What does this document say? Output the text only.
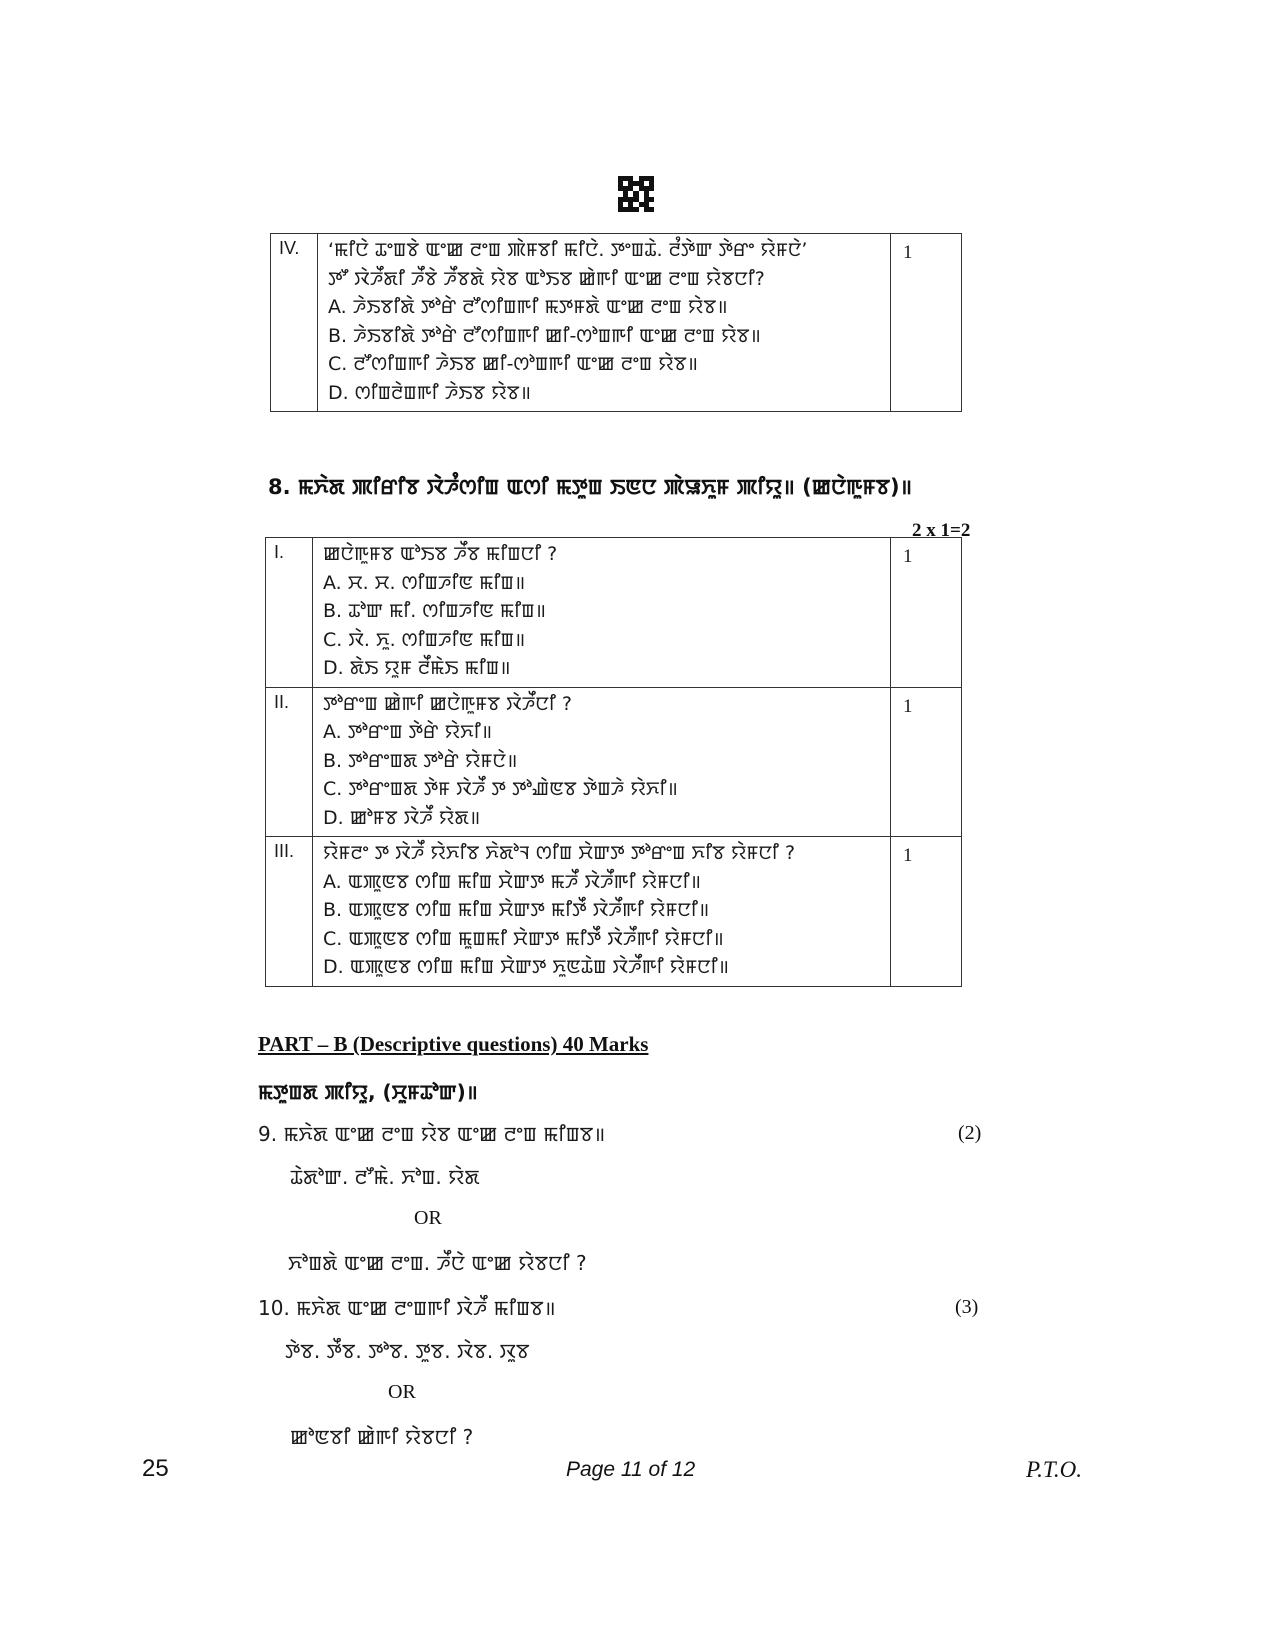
IV.	‘ꯃꯤꯅꯥ ꯊꯦꯡꯕꯥ ꯑꯦꯀ ꯂꯦꯡ ꯄꯥꯝꯕꯤ ꯃꯤꯅꯥ. ꯇꯦꯡꯊꯥ. ꯂꯪꯇꯥꯛ ꯇꯥꯔꯦ ꯌꯥꯝꯅꯥ’
ꯇꯧ ꯋꯥꯍꯩꯗꯤ ꯍꯩꯕꯥ ꯍꯩꯕꯗꯥ ꯌꯥꯕ ꯑꯣꯏꯕ ꯀꯥꯒꯤ ꯑꯦꯀ ꯂꯦꯡ ꯌꯥꯕꯅꯤ?
A. ꯍꯥꯏꯕꯤꯗꯥ ꯇꯣꯔꯥ ꯂꯧꯁꯤꯡꯒꯤ ꯃꯇꯝꯗꯥ ꯑꯦꯀ ꯂꯦꯡ ꯌꯥꯕ॥
B. ꯍꯥꯏꯕꯤꯗꯥ ꯇꯣꯔꯥ ꯂꯧꯁꯤꯡꯒꯤ ꯀꯤ-ꯁꯣꯡꯒꯤ ꯑꯦꯀ ꯂꯦꯡ ꯌꯥꯕ॥
C. ꯂꯧꯁꯤꯡꯒꯤ ꯍꯥꯏꯕ ꯀꯤ-ꯁꯣꯡꯒꯤ ꯑꯦꯀ ꯂꯦꯡ ꯌꯥꯕ॥
D. ꯁꯤꯡꯂꯥꯡꯒꯤ ꯍꯥꯏꯕ ꯌꯥꯕ॥
	1
8. ꯃꯈꯥꯗ ꯄꯤꯔꯤꯕ ꯋꯥꯍꯪꯁꯤꯡ ꯑꯁꯤ ꯃꯇꯨꯡ ꯏꯟꯅ ꯄꯥꯎꯈꯨꯝ ꯄꯤꯌꯨ॥ (ꯀꯅꯥꯒꯨꯝꯕ)॥
2 x 1=2
I.	ꯀꯅꯥꯒꯨꯝꯕ ꯑꯣꯏꯕ ꯍꯩꯕ ꯃꯤꯡꯅꯤ ?
A. ꯆ. ꯆ. ꯁꯤꯡꯍꯤꯟ ꯃꯤꯡ॥
B. ꯊꯣꯛ ꯃꯤ. ꯁꯤꯡꯍꯤꯟ ꯃꯤꯡ॥
C. ꯋꯥ. ꯈꯨ. ꯁꯤꯡꯍꯤꯟ ꯃꯤꯡ॥
D. ꯗꯥꯏ ꯌꯨꯝ ꯂꯩꯃꯥꯏ ꯃꯤꯡ॥	1
II.	ꯇꯣꯔꯦꯡ ꯀꯥꯒꯤ ꯀꯅꯥꯒꯨꯝꯕ ꯋꯥꯍꯩꯅꯤ ?
A. ꯇꯣꯔꯦꯡ ꯇꯥꯔꯥ ꯌꯥꯈꯤ॥
B. ꯇꯣꯔꯦꯡꯗ ꯇꯣꯔꯥ ꯌꯥꯝꯅꯥ॥
C. ꯇꯣꯔꯦꯡꯗ ꯇꯥꯝ ꯋꯥꯍꯩ ꯇ ꯇꯣꯉꯥꯟꯕ ꯇꯥꯡꯍꯥ ꯌꯥꯈꯤ॥
D. ꯀꯣꯝꯕ ꯋꯥꯍꯩ ꯌꯥꯗ॥	1
III.	ꯌꯥꯝꯂꯦ ꯇ ꯋꯥꯍꯩ ꯌꯥꯈꯤꯕ ꯈꯥꯗꯣꯜ ꯁꯤꯡ ꯆꯥꯛꯇ ꯇꯣꯔꯦꯡ ꯈꯤꯕ ꯌꯥꯝꯅꯤ ?
A. ꯑꯄꯨꯟꯕ ꯁꯤꯡ ꯃꯤꯡ ꯆꯥꯛꯇ ꯃꯍꯩ ꯋꯥꯍꯩꯒꯤ ꯌꯥꯝꯅꯤ॥
B. ꯑꯄꯨꯟꯕ ꯁꯤꯡ ꯃꯤꯡ ꯆꯥꯛꯇ ꯃꯤꯇꯩ ꯋꯥꯍꯩꯒꯤ ꯌꯥꯝꯅꯤ॥
C. ꯑꯄꯨꯟꯕ ꯁꯤꯡ ꯃꯨꯡꯃꯤ ꯆꯥꯛꯇ ꯃꯤꯇꯩ ꯋꯥꯍꯩꯒꯤ ꯌꯥꯝꯅꯤ॥
D. ꯑꯄꯨꯟꯕ ꯁꯤꯡ ꯃꯤꯡ ꯆꯥꯛꯇ ꯈꯨꯟꯊꯥꯡ ꯋꯥꯍꯩꯒꯤ ꯌꯥꯝꯅꯤ॥	1
PART – B (Descriptive questions) 40 Marks
ꯃꯇꯨꯡꯗ ꯄꯤꯌꯨ, (ꯆꯨꯝꯊꯣꯛ)॥
9. ꯃꯈꯥꯗ ꯑꯦꯀ ꯂꯦꯡ ꯌꯥꯕ ꯑꯦꯀ ꯂꯦꯡ ꯃꯤꯡꯕ॥	(2)
ꯊꯥꯗꯣꯛ. ꯂꯧꯃꯥ. ꯈꯣꯡ. ꯌꯥꯗ
OR
ꯈꯣꯡꯗꯥ ꯑꯦꯀ ꯂꯦꯡ. ꯍꯩꯅꯥ ꯑꯦꯀ ꯌꯥꯕꯅꯤ ?
10. ꯃꯈꯥꯗ ꯑꯦꯀ ꯂꯦꯡꯒꯤ ꯋꯥꯍꯩ ꯃꯤꯡꯕ॥	(3)
ꯇꯥꯕ. ꯇꯩꯕ. ꯇꯣꯕ. ꯇꯨꯕ. ꯋꯥꯕ. ꯋꯨꯕ
OR
ꯀꯣꯟꯕꯤ ꯀꯥꯒꯤ ꯌꯥꯕꯅꯤ ?
25	Page 11 of 12	P.T.O.
